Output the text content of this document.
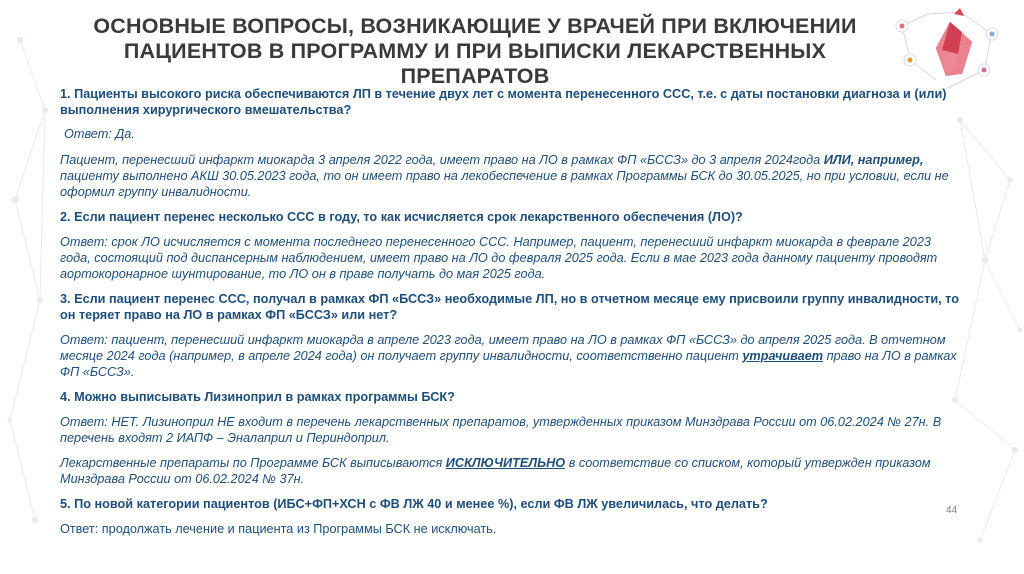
ОСНОВНЫЕ ВОПРОСЫ, ВОЗНИКАЮЩИЕ У ВРАЧЕЙ ПРИ ВКЛЮЧЕНИИ
ПАЦИЕНТОВ В ПРОГРАММУ И ПРИ ВЫПИСКИ ЛЕКАРСТВЕННЫХ
ПРЕПАРАТОВ

1. Пациенты высокого риска обеспечиваются ЛП в течение двух лет с момента перенесенного ССС, т.е. с даты постановки диагноза и (или) выполнения хирургического вмешательства?

Ответ: Да.

Пациент, перенесший инфаркт миокарда 3 апреля 2022 года, имеет право на ЛО в рамках ФП «БССЗ» до 3 апреля 2024года ИЛИ, например, пациенту выполнено АКШ 30.05.2023 года, то он имеет право на лекобеспечение в рамках Программы БСК до 30.05.2025, но при условии, если не оформил группу инвалидности.

2. Если пациент перенес несколько ССС в году, то как исчисляется срок лекарственного обеспечения (ЛО)?

Ответ: срок ЛО исчисляется с момента последнего перенесенного ССС. Например, пациент, перенесший инфаркт миокарда в феврале 2023 года, состоящий под диспансерным наблюдением, имеет право на ЛО до февраля 2025 года. Если в мае 2023 года данному пациенту проводят аортокоронарное шунтирование, то ЛО он в праве получать до мая 2025 года.

3. Если пациент перенес ССС, получал в рамках ФП «БССЗ» необходимые ЛП, но в отчетном месяце ему присвоили группу инвалидности, то он теряет право на ЛО в рамках ФП «БССЗ» или нет?

Ответ: пациент, перенесший инфаркт миокарда в апреле 2023 года, имеет право на ЛО в рамках ФП «БССЗ» до апреля 2025 года. В отчетном месяце 2024 года (например, в апреле 2024 года) он получает группу инвалидности, соответственно пациент утрачивает право на ЛО в рамках ФП «БССЗ».

4. Можно выписывать Лизиноприл в рамках программы БСК?

Ответ: НЕТ. Лизиноприл НЕ входит в перечень лекарственных препаратов, утвержденных приказом Минздрава России от 06.02.2024 № 27н. В перечень входят 2 ИАПФ – Эналаприл и Периндоприл.

Лекарственные препараты по Программе БСК выписываются ИСКЛЮЧИТЕЛЬНО в соответствие со списком, который утвержден приказом Минздрава России от 06.02.2024 № 37н.

5. По новой категории пациентов (ИБС+ФП+ХСН с ФВ ЛЖ 40 и менее %), если ФВ ЛЖ увеличилась, что делать?

Ответ: продолжать лечение и пациента из Программы БСК не исключать.

44
